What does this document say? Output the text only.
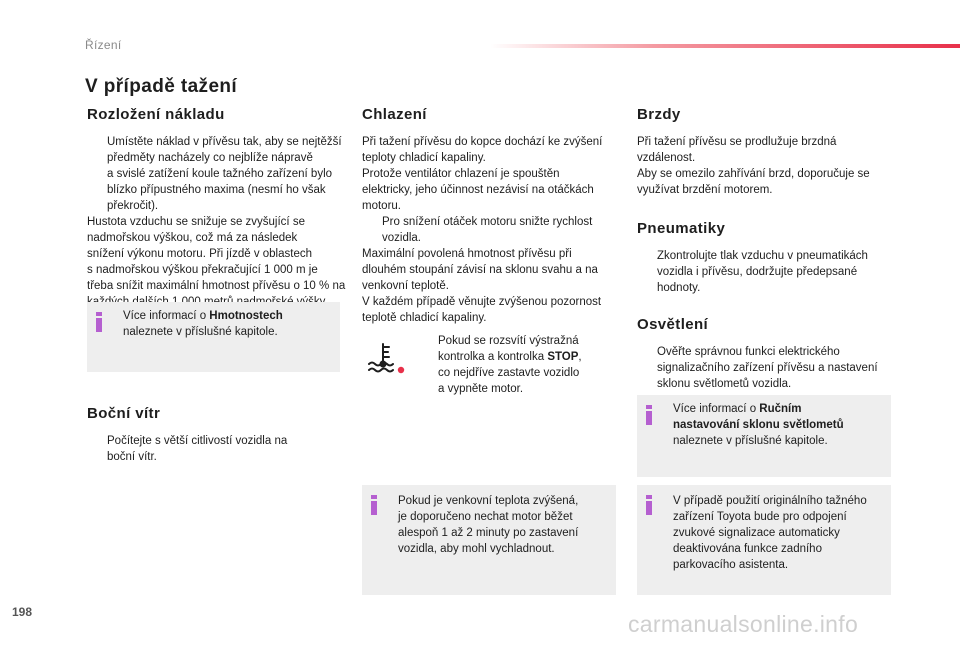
Řízení
V případě tažení
Rozložení nákladu
Umístěte náklad v přívěsu tak, aby se nejtěžší
předměty nacházely co nejblíže nápravě
a svislé zatížení koule tažného zařízení bylo
blízko přípustného maxima (nesmí ho však
překročit).
Hustota vzduchu se snižuje se zvyšující se
nadmořskou výškou, což má za následek
snížení výkonu motoru. Při jízdě v oblastech
s nadmořskou výškou překračující 1 000 m je
třeba snížit maximální hmotnost přívěsu o 10 % na
Více informací o Hmotnostech
naleznete v příslušné kapitole.
Boční vítr
Počítejte s větší citlivostí vozidla na
boční vítr.
Chlazení
Při tažení přívěsu do kopce dochází ke zvýšení
teploty chladicí kapaliny.
Protože ventilátor chlazení je spouštěn
elektricky, jeho účinnost nezávisí na otáčkách
motoru.
Pro snížení otáček motoru snižte rychlost
vozidla.
Maximální povolená hmotnost přívěsu při
dlouhém stoupání závisí na sklonu svahu a na
venkovní teplotě.
V každém případě věnujte zvýšenou pozornost
teplotě chladicí kapaliny.
Pokud se rozsvítí výstražná
kontrolka a kontrolka STOP,
co nejdříve zastavte vozidlo
a vypněte motor.
Pokud je venkovní teplota zvýšená,
je doporučeno nechat motor běžet
alespoň 1 až 2 minuty po zastavení
vozidla, aby mohl vychladnout.
Brzdy
Při tažení přívěsu se prodlužuje brzdná
vzdálenost.
Aby se omezilo zahřívání brzd, doporučuje se
využívat brzdění motorem.
Pneumatiky
Zkontrolujte tlak vzduchu v pneumatikách
vozidla i přívěsu, dodržujte předepsané
hodnoty.
Osvětlení
Ověřte správnou funkci elektrického
signalizačního zařízení přívěsu a nastavení
sklonu světlometů vozidla.
Více informací o Ručním
nastavování sklonu světlometů
naleznete v příslušné kapitole.
V případě použití originálního tažného
zařízení Toyota bude pro odpojení
zvukové signalizace automaticky
deaktivována funkce zadního
parkovacího asistenta.
198	carmanualsonline.info
